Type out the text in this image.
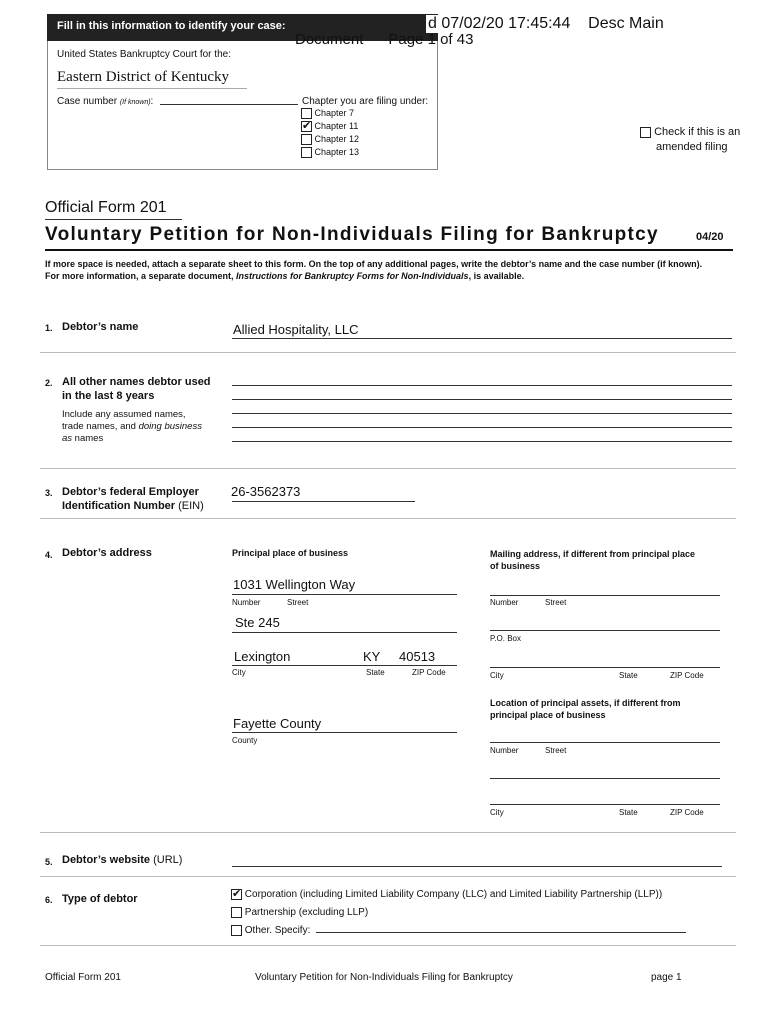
Fill in this information to identify your case:	d 07/02/20 17:45:44    Desc Main
Document      Page 1 of 43
United States Bankruptcy Court for the:
Eastern District of Kentucky
Case number (If known):	Chapter you are filing under:
Chapter 7
✔ Chapter 11
Chapter 12
Chapter 13
Check if this is an
amended filing
Official Form 201
Voluntary Petition for Non-Individuals Filing for Bankruptcy	04/20
If more space is needed, attach a separate sheet to this form. On the top of any additional pages, write the debtor’s name and the case number (if known). For more information, a separate document, Instructions for Bankruptcy Forms for Non-Individuals, is available.
1. Debtor’s name	Allied Hospitality, LLC
2. All other names debtor used
in the last 8 years
Include any assumed names,
trade names, and doing business
as names
3. Debtor’s federal Employer
Identification Number (EIN)
26-3562373
4. Debtor’s address	Principal place of business	Mailing address, if different from principal place
of business
1031 Wellington Way
Number	Street
Ste 245
Lexington	KY 40513
City	State	ZIP Code
Fayette County
County
Number	Street
P.O. Box
City	State	ZIP Code
Location of principal assets, if different from
principal place of business
Number	Street
City	State	ZIP Code
5. Debtor’s website (URL)
6. Type of debtor
✔	Corporation (including Limited Liability Company (LLC) and Limited Liability Partnership (LLP))
Partnership (excluding LLP)
Other. Specify:
Official Form 201	Voluntary Petition for Non-Individuals Filing for Bankruptcy	page 1
